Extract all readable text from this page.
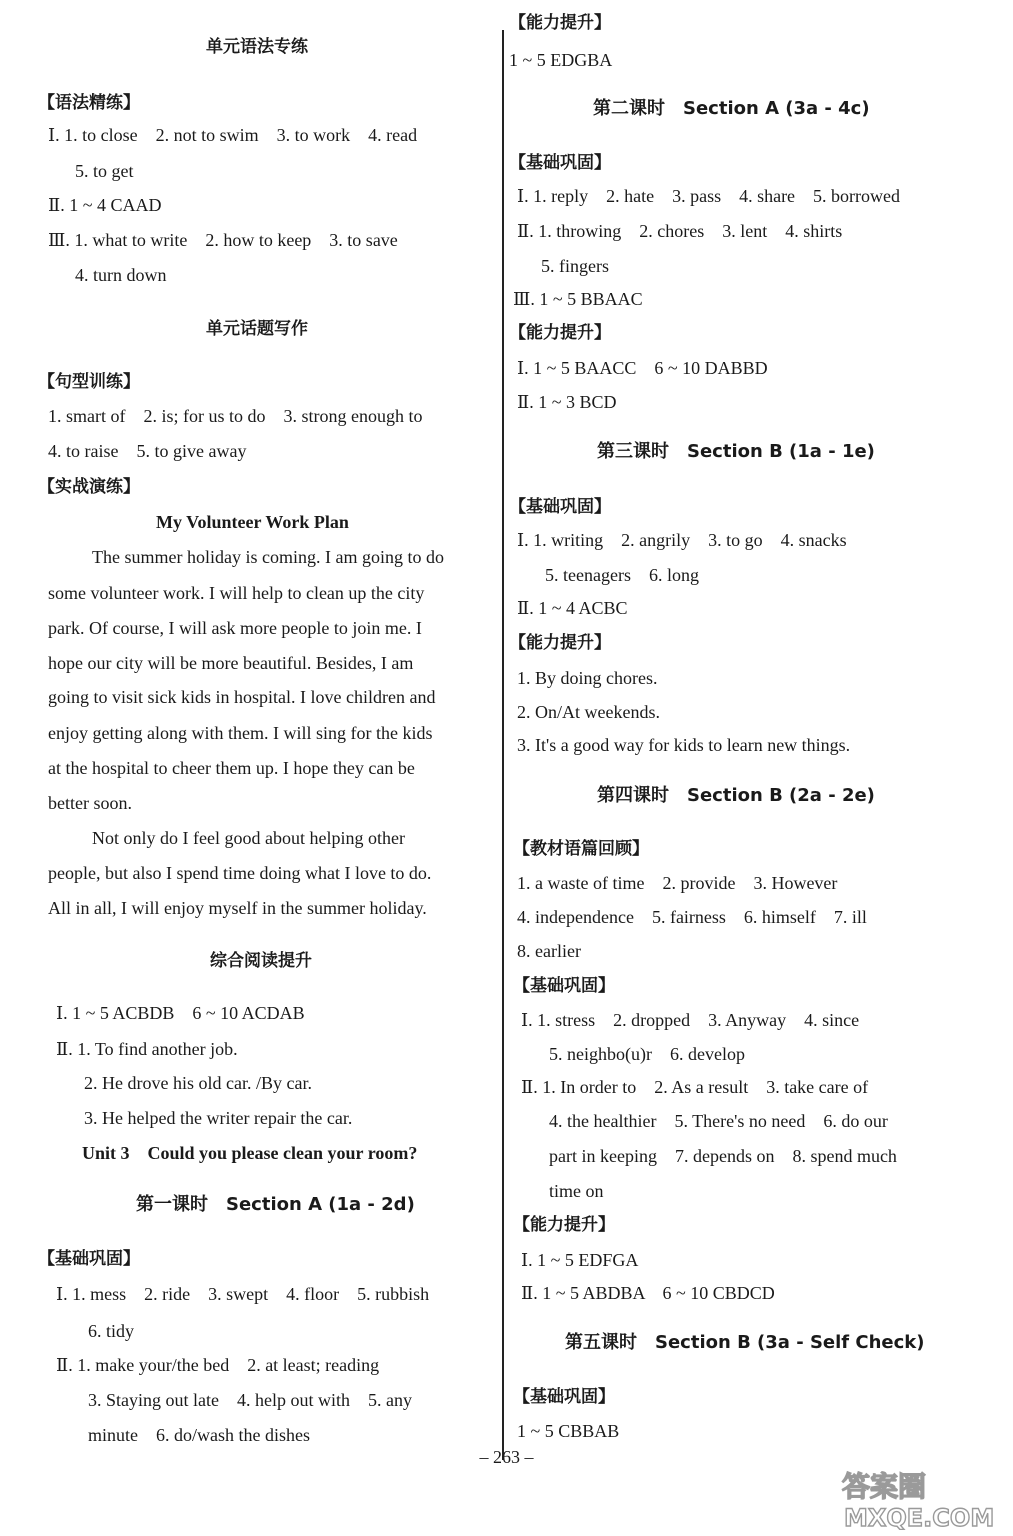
单元语法专练
【语法精练】
Ⅰ. 1. to close　2. not to swim　3. to work　4. read
5. to get
Ⅱ. 1 ~ 4 CAAD
Ⅲ. 1. what to write　2. how to keep　3. to save
4. turn down
单元话题写作
【句型训练】
1. smart of　2. is; for us to do　3. strong enough to
4. to raise　5. to give away
【实战演练】
My Volunteer Work Plan
The summer holiday is coming. I am going to do
some volunteer work. I will help to clean up the city
park. Of course, I will ask more people to join me. I
hope our city will be more beautiful. Besides, I am
going to visit sick kids in hospital. I love children and
enjoy getting along with them. I will sing for the kids
at the hospital to cheer them up. I hope they can be
better soon.
Not only do I feel good about helping other
people, but also I spend time doing what I love to do.
All in all, I will enjoy myself in the summer holiday.
综合阅读提升
Ⅰ. 1 ~ 5 ACBDB　6 ~ 10 ACDAB
Ⅱ. 1. To find another job.
2. He drove his old car. /By car.
3. He helped the writer repair the car.
Unit 3　Could you please clean your room?
第一课时　Section A (1a - 2d)
【基础巩固】
Ⅰ. 1. mess　2. ride　3. swept　4. floor　5. rubbish
6. tidy
Ⅱ. 1. make your/the bed　2. at least; reading
3. Staying out late　4. help out with　5. any
minute　6. do/wash the dishes
【能力提升】
1 ~ 5 EDGBA
第二课时　Section A (3a - 4c)
【基础巩固】
Ⅰ. 1. reply　2. hate　3. pass　4. share　5. borrowed
Ⅱ. 1. throwing　2. chores　3. lent　4. shirts
5. fingers
Ⅲ. 1 ~ 5 BBAAC
【能力提升】
Ⅰ. 1 ~ 5 BAACC　6 ~ 10 DABBD
Ⅱ. 1 ~ 3 BCD
第三课时　Section B (1a - 1e)
【基础巩固】
Ⅰ. 1. writing　2. angrily　3. to go　4. snacks
5. teenagers　6. long
Ⅱ. 1 ~ 4 ACBC
【能力提升】
1. By doing chores.
2. On/At weekends.
3. It's a good way for kids to learn new things.
第四课时　Section B (2a - 2e)
【教材语篇回顾】
1. a waste of time　2. provide　3. However
4. independence　5. fairness　6. himself　7. ill
8. earlier
【基础巩固】
Ⅰ. 1. stress　2. dropped　3. Anyway　4. since
5. neighbo(u)r　6. develop
Ⅱ. 1. In order to　2. As a result　3. take care of
4. the healthier　5. There's no need　6. do our
part in keeping　7. depends on　8. spend much
time on
【能力提升】
Ⅰ. 1 ~ 5 EDFGA
Ⅱ. 1 ~ 5 ABDBA　6 ~ 10 CBDCD
第五课时　Section B (3a - Self Check)
【基础巩固】
1 ~ 5 CBBAB
– 263 –
答案圈
MXQE.COM
